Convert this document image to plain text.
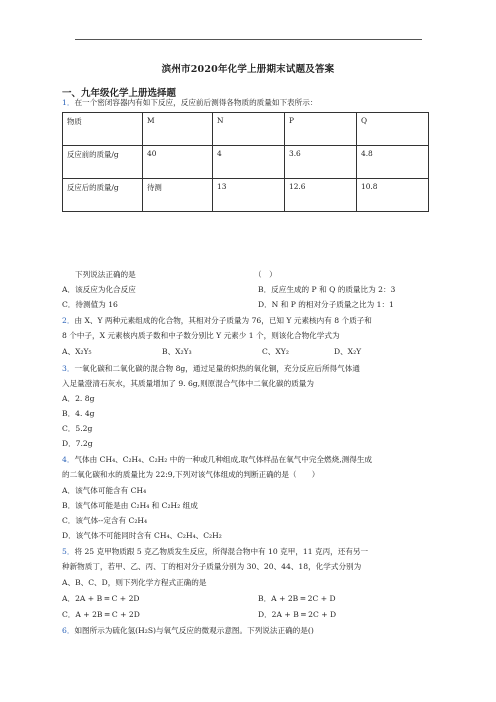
滨州市2020年化学上册期末试题及答案
一、九年级化学上册选择题
1．在一个密闭容器内有如下反应，反应前后测得各物质的质量如下表所示：
物质	M	N	P	Q
反应前的质量/g	40	4	3.6	4.8
反应后的质量/g	待测	13	12.6	10.8
下列说法正确的是	（　）
A．该反应为化合反应	B．反应生成的 P 和 Q 的质量比为 2：3
C．待测值为 16	D．N 和 P 的相对分子质量之比为 1：1
2．由 X、Y 两种元素组成的化合物，其相对分子质量为 76，已知 Y 元素核内有 8 个质子和
8 个中子，X 元素核内质子数和中子数分别比 Y 元素少 1 个，则该化合物化学式为
A、X₂Y₅	B、X₂Y₃	C、XY₂	D、X₂Y
3．一氧化碳和二氧化碳的混合物 8g，通过足量的炽热的氧化铜，充分反应后所得气体通
入足量澄清石灰水，其质量增加了 9. 6g,则原混合气体中二氧化碳的质量为
A．2. 8g
B．4. 4g
C．5.2g
D．7.2g
4．气体由 CH₄、C₂H₄、C₂H₂ 中的一种或几种组成,取气体样品在氧气中完全燃烧,测得生成
的二氧化碳和水的质量比为 22:9,下列对该气体组成的判断正确的是（　　）
A．该气体可能含有 CH₄
B．该气体可能是由 C₂H₄ 和 C₂H₂ 组成
C．该气体--定含有 C₂H₄
D．该气体不可能同时含有 CH₄、C₂H₄、C₂H₂
5．将 25 克甲物质跟 5 克乙物质发生反应，所得混合物中有 10 克甲，11 克丙，还有另一
种新物质丁，若甲、乙、丙、丁的相对分子质量分别为 30、20、44、18，化学式分别为
A、B、C、D，则下列化学方程式正确的是
A．2A + B ═ C + 2D	B．A + 2B ═ 2C + D
C．A + 2B ═ C + 2D	D．2A + B ═ 2C + D
6．如图所示为硫化氢(H₂S)与氧气反应的微观示意图。下列说法正确的是()
